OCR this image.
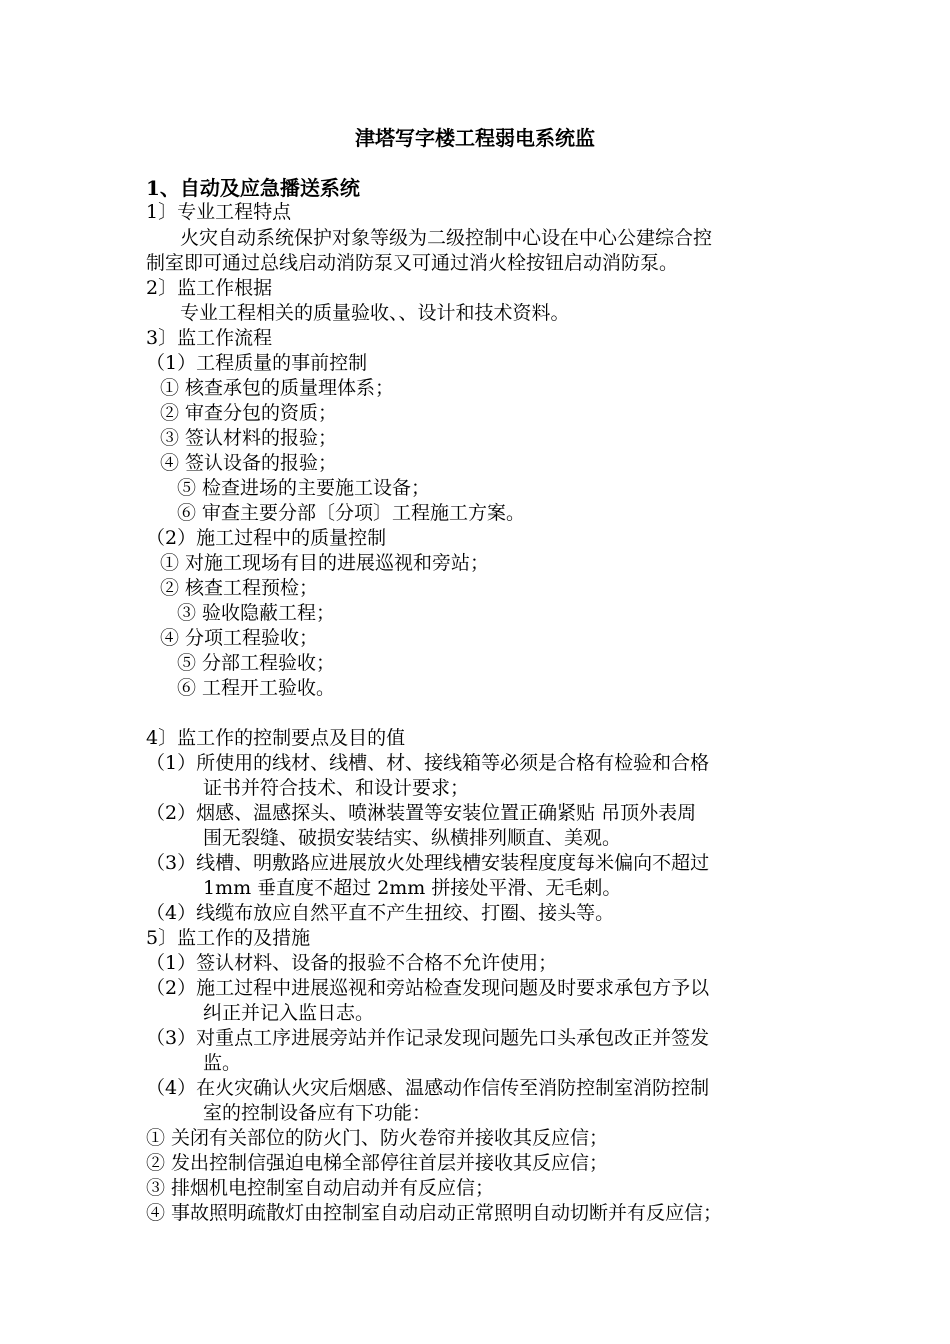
津塔写字楼工程弱电系统监
1、自动及应急播送系统
1〕专业工程特点
火灾自动系统保护对象等级为二级控制中心设在中心公建综合控
制室即可通过总线启动消防泵又可通过消火栓按钮启动消防泵。
2〕监工作根据
专业工程相关的质量验收、、设计和技术资料。
3〕监工作流程
（1）工程质量的事前控制
① 核查承包的质量理体系；
② 审查分包的资质；
③ 签认材料的报验；
④ 签认设备的报验；
⑤ 检查进场的主要施工设备；
⑥ 审查主要分部〔分项〕工程施工方案。
（2）施工过程中的质量控制
① 对施工现场有目的进展巡视和旁站；
② 核查工程预检；
③ 验收隐蔽工程；
④ 分项工程验收；
⑤ 分部工程验收；
⑥ 工程开工验收。
4〕监工作的控制要点及目的值
（1）所使用的线材、线槽、材、接线箱等必须是合格有检验和合格
证书并符合技术、和设计要求；
（2）烟感、温感探头、喷淋装置等安装位置正确紧贴 吊顶外表周
围无裂缝、破损安装结实、纵横排列顺直、美观。
（3）线槽、明敷路应进展放火处理线槽安装程度度每米偏向不超过
1mm 垂直度不超过 2mm 拼接处平滑、无毛刺。
（4）线缆布放应自然平直不产生扭绞、打圈、接头等。
5〕监工作的及措施
（1）签认材料、设备的报验不合格不允许使用；
（2）施工过程中进展巡视和旁站检查发现问题及时要求承包方予以
纠正并记入监日志。
（3）对重点工序进展旁站并作记录发现问题先口头承包改正并签发
监。
（4）在火灾确认火灾后烟感、温感动作信传至消防控制室消防控制
室的控制设备应有下功能：
① 关闭有关部位的防火门、防火卷帘并接收其反应信；
② 发出控制信强迫电梯全部停往首层并接收其反应信；
③ 排烟机电控制室自动启动并有反应信；
④ 事故照明疏散灯由控制室自动启动正常照明自动切断并有反应信；
